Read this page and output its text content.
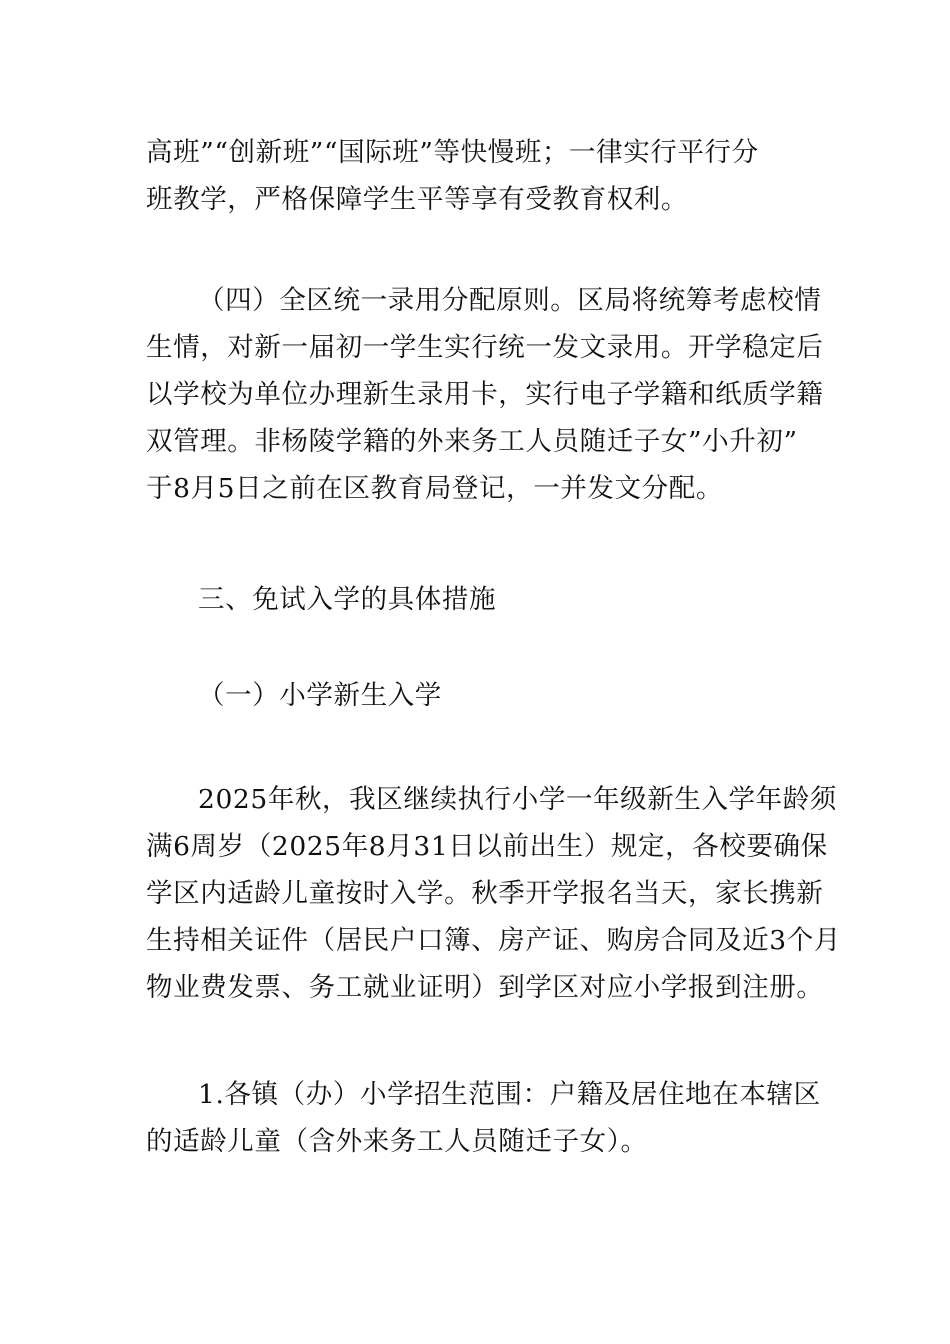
高班”“创新班”“国际班”等快慢班；一律实行平行分
班教学，严格保障学生平等享有受教育权利。
（四）全区统一录用分配原则。区局将统筹考虑校情
生情，对新一届初一学生实行统一发文录用。开学稳定后
以学校为单位办理新生录用卡，实行电子学籍和纸质学籍
双管理。非杨陵学籍的外来务工人员随迁子女”小升初”
于8月5日之前在区教育局登记，一并发文分配。
三、免试入学的具体措施
（一）小学新生入学
2025年秋，我区继续执行小学一年级新生入学年龄须
满6周岁（2025年8月31日以前出生）规定，各校要确保
学区内适龄儿童按时入学。秋季开学报名当天，家长携新
生持相关证件（居民户口簿、房产证、购房合同及近3个月
物业费发票、务工就业证明）到学区对应小学报到注册。
1.各镇（办）小学招生范围：户籍及居住地在本辖区
的适龄儿童（含外来务工人员随迁子女）。
